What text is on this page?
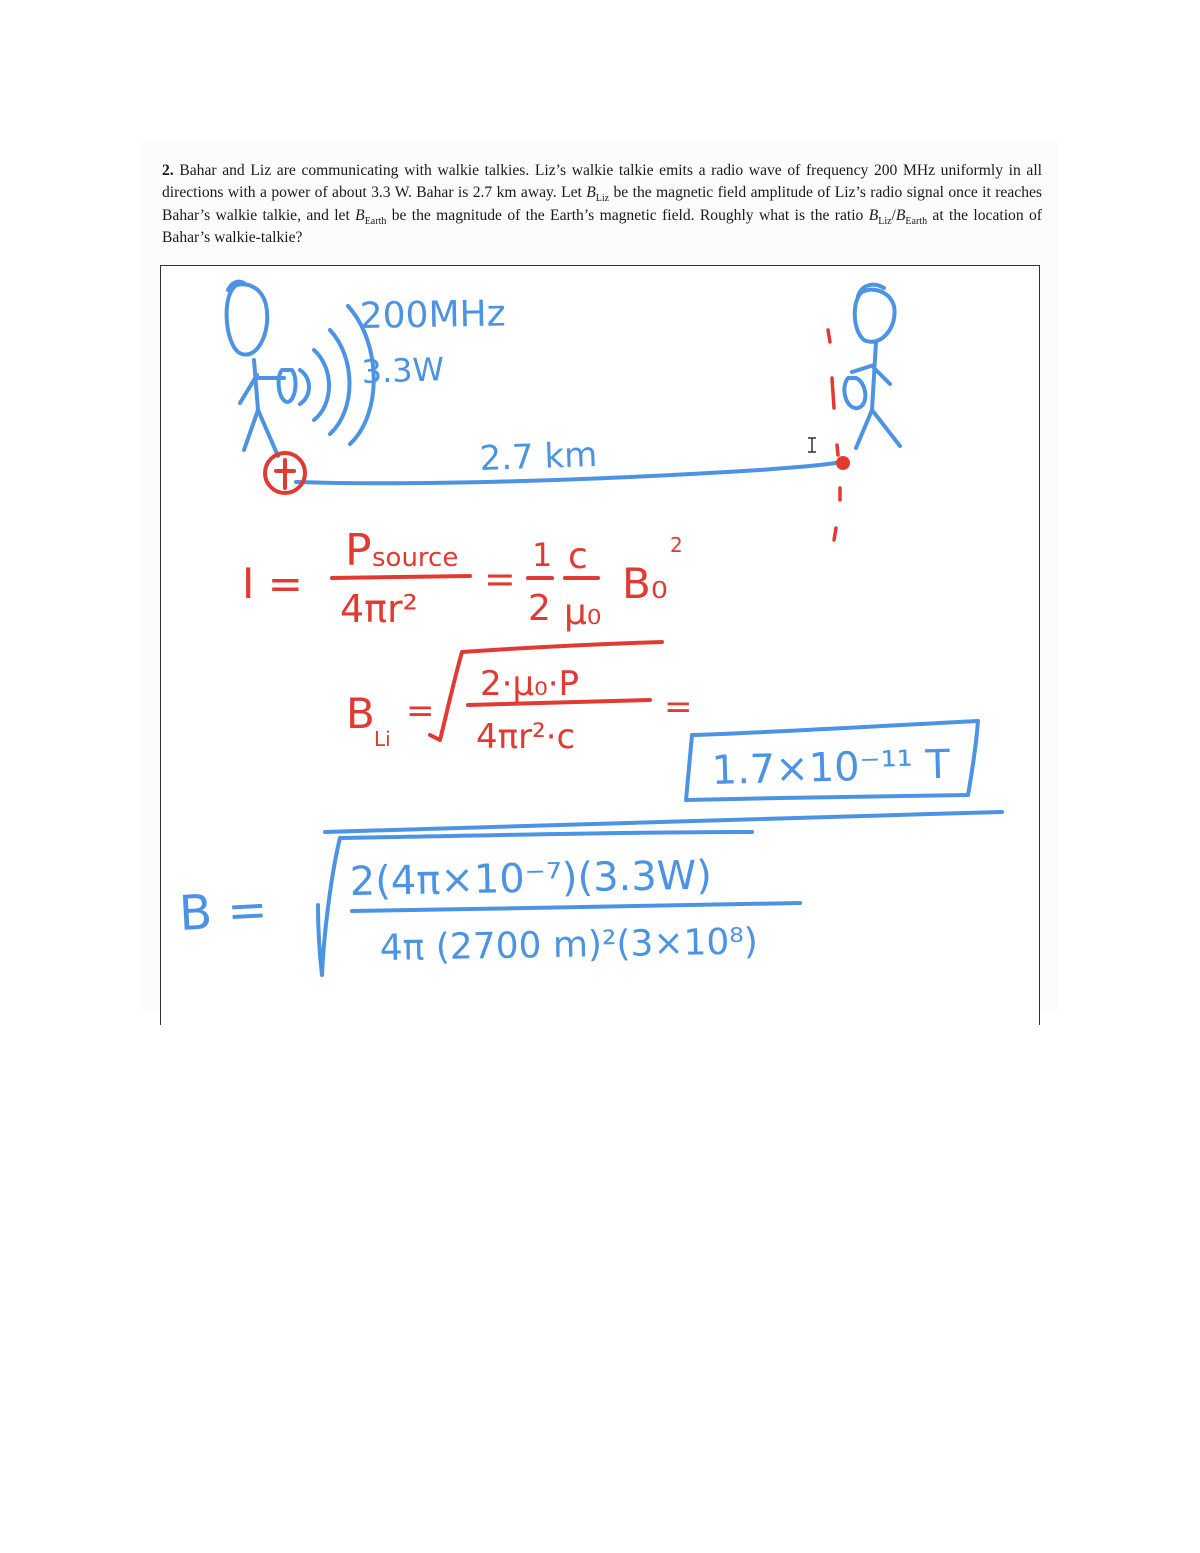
2. Bahar and Liz are communicating with walkie talkies. Liz’s walkie talkie emits a radio wave of frequency 200 MHz uniformly in all directions with a power of about 3.3 W. Bahar is 2.7 km away. Let $B_{Liz}$ be the magnetic field amplitude of Liz’s radio signal once it reaches Bahar’s walkie talkie, and let $B_{Earth}$ be the magnitude of the Earth’s magnetic field. Roughly what is the ratio $B_{Liz}/B_{Earth}$ at the location of Bahar’s walkie-talkie?
200MHz
3.3W
2.7 km
1.7×10⁻¹¹ T
B =
2(4π×10⁻⁷)(3.3W)
4π (2700 m)²(3×10⁸)
I =
P source
4πr²
=
1
2
c
μ₀
B₀
2
B
Li
=
2·μ₀·P
4πr²·c
=
